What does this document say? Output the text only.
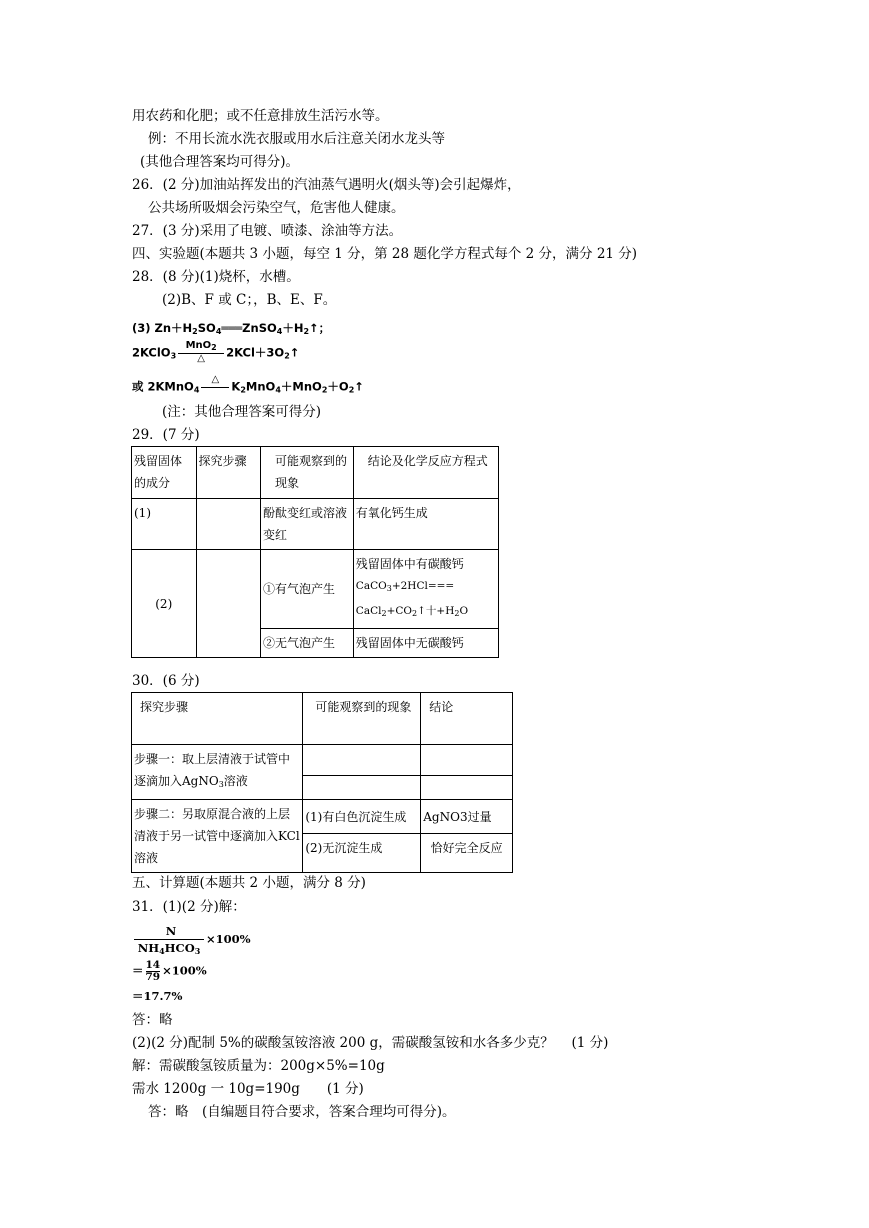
用农药和化肥；或不任意排放生活污水等。
例：不用长流水洗衣服或用水后注意关闭水龙头等
(其他合理答案均可得分)。
26．(2 分)加油站挥发出的汽油蒸气遇明火(烟头等)会引起爆炸，
公共场所吸烟会污染空气，危害他人健康。
27．(3 分)采用了电镀、喷漆、涂油等方法。
四、实验题(本题共 3 小题，每空 1 分，第 28 题化学方程式每个 2 分，满分 21 分)
28．(8 分)(1)烧杯，水槽。
(2)B、F 或 C；，B、E、F。
(3) $Zn+H_2SO_4═══ZnSO_4+H_2↑$；
2KClO$_3$
MnO$_2$
△	$2KCl+3O_2↑$
或 2KMnO$_4$
△	$K_2MnO_4+MnO_2+O_2↑$
(注：其他合理答案可得分)
29．(7 分)
残留固体的成分	探究步骤	可能观察到的现象	结论及化学反应方程式
(1)		酚酞变红或溶液变红	有氧化钙生成
(2)		①有气泡产生	残留固体中有碳酸钙
CaCO$_3$+2HCl===
$CaCl_2+CO_2↑$十$+H_2O$

		②无气泡产生	残留固体中无碳酸钙
30．(6 分)
探究步骤	可能观察到的现象	结论
步骤一：取上层清液于试管中逐滴加入AgNO$_3$溶液		

步骤二：另取原混合液的上层清液于另一试管中逐滴加入KCl溶液	(1)有白色沉淀生成	AgNO3过量
	(2)无沉淀生成	恰好完全反应
五、计算题(本题共 2 小题，满分 8 分)
31．(1)(2 分)解：
N
$NH_4HCO_3$
×100%
＝ $\frac{14}{79} \times 100\%$
＝17.7%
答：略
(2)(2 分)配制 5%的碳酸氢铵溶液 200 g，需碳酸氢铵和水各多少克？　 (1 分)
解：需碳酸氢铵质量为：200g×5%=10g
需水 1200g 一 10g=190g　　(1 分)
答：略　(自编题目符合要求，答案合理均可得分)。
